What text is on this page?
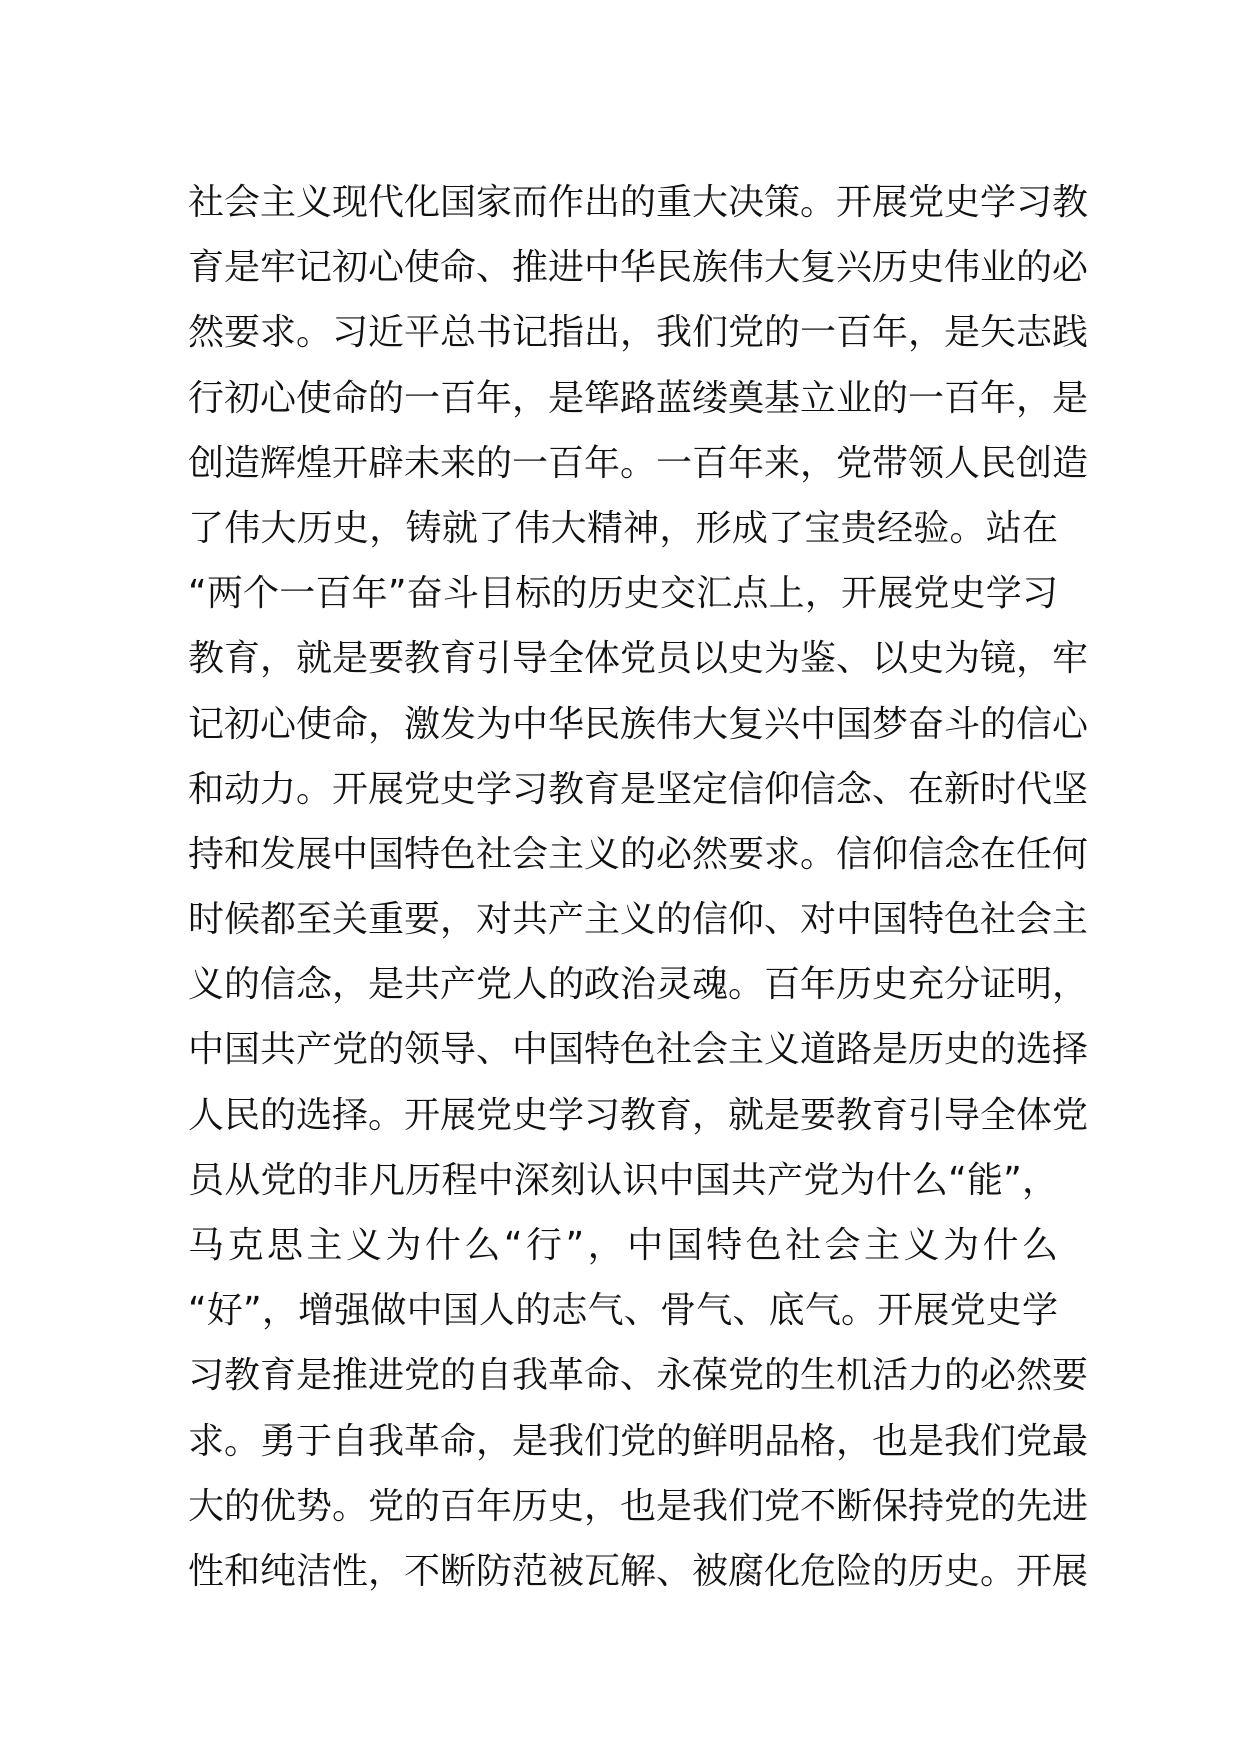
社会主义现代化国家而作出的重大决策。开展党史学习教
育是牢记初心使命、推进中华民族伟大复兴历史伟业的必
然要求。习近平总书记指出，我们党的一百年，是矢志践
行初心使命的一百年，是筚路蓝缕奠基立业的一百年，是
创造辉煌开辟未来的一百年。一百年来，党带领人民创造
了伟大历史，铸就了伟大精神，形成了宝贵经验。站在
“两个一百年”奋斗目标的历史交汇点上，开展党史学习
教育，就是要教育引导全体党员以史为鉴、以史为镜，牢
记初心使命，激发为中华民族伟大复兴中国梦奋斗的信心
和动力。开展党史学习教育是坚定信仰信念、在新时代坚
持和发展中国特色社会主义的必然要求。信仰信念在任何
时候都至关重要，对共产主义的信仰、对中国特色社会主
义的信念，是共产党人的政治灵魂。百年历史充分证明，
中国共产党的领导、中国特色社会主义道路是历史的选择
人民的选择。开展党史学习教育，就是要教育引导全体党
员从党的非凡历程中深刻认识中国共产党为什么“能”，
马克思主义为什么“行”，中国特色社会主义为什么
“好”，增强做中国人的志气、骨气、底气。开展党史学
习教育是推进党的自我革命、永葆党的生机活力的必然要
求。勇于自我革命，是我们党的鲜明品格，也是我们党最
大的优势。党的百年历史，也是我们党不断保持党的先进
性和纯洁性，不断防范被瓦解、被腐化危险的历史。开展
